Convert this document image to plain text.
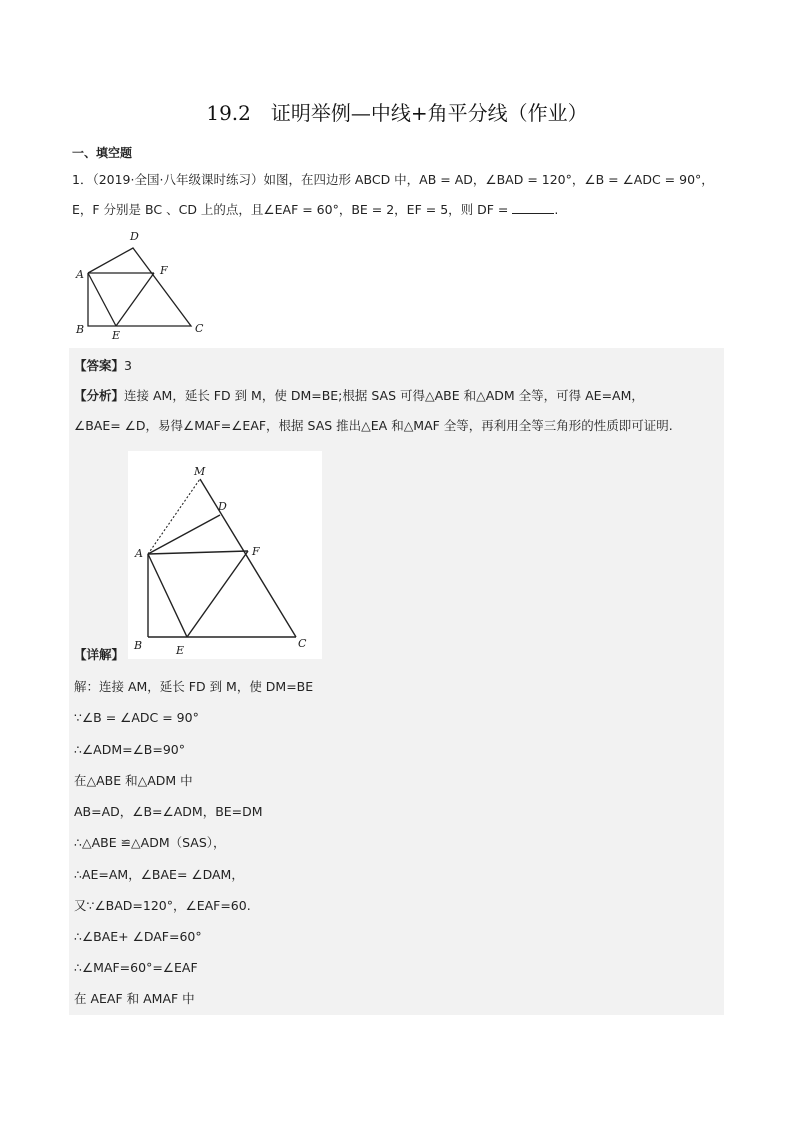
19.2　证明举例—中线+角平分线（作业）
一、填空题
1．（2019·全国·八年级课时练习）如图，在四边形 ABCD 中，AB = AD，∠BAD = 120°，∠B = ∠ADC = 90°，
E，F 分别是 BC 、CD 上的点，且∠EAF = 60°，BE = 2，EF = 5，则 DF =	.
D
A	F
B	E
C
【答案】3
【分析】连接 AM，延长 FD 到 M，使 DM=BE;根据 SAS 可得△ABE 和△ADM 全等，可得 AE=AM，
∠BAE= ∠D，易得∠MAF=∠EAF，根据 SAS 推出△EA 和△MAF 全等，再利用全等三角形的性质即可证明.
M
D
A	F
B	E
C
【详解】
解：连接 AM，延长 FD 到 M，使 DM=BE
∵∠B = ∠ADC = 90°
∴∠ADM=∠B=90°
在△ABE 和△ADM 中
AB=AD，∠B=∠ADM，BE=DM
∴△ABE ≌△ADM（SAS），
∴AE=AM，∠BAE= ∠DAM，
又∵∠BAD=120°，∠EAF=60.
∴∠BAE+ ∠DAF=60°
∴∠MAF=60°=∠EAF
在 AEAF 和 AMAF 中
